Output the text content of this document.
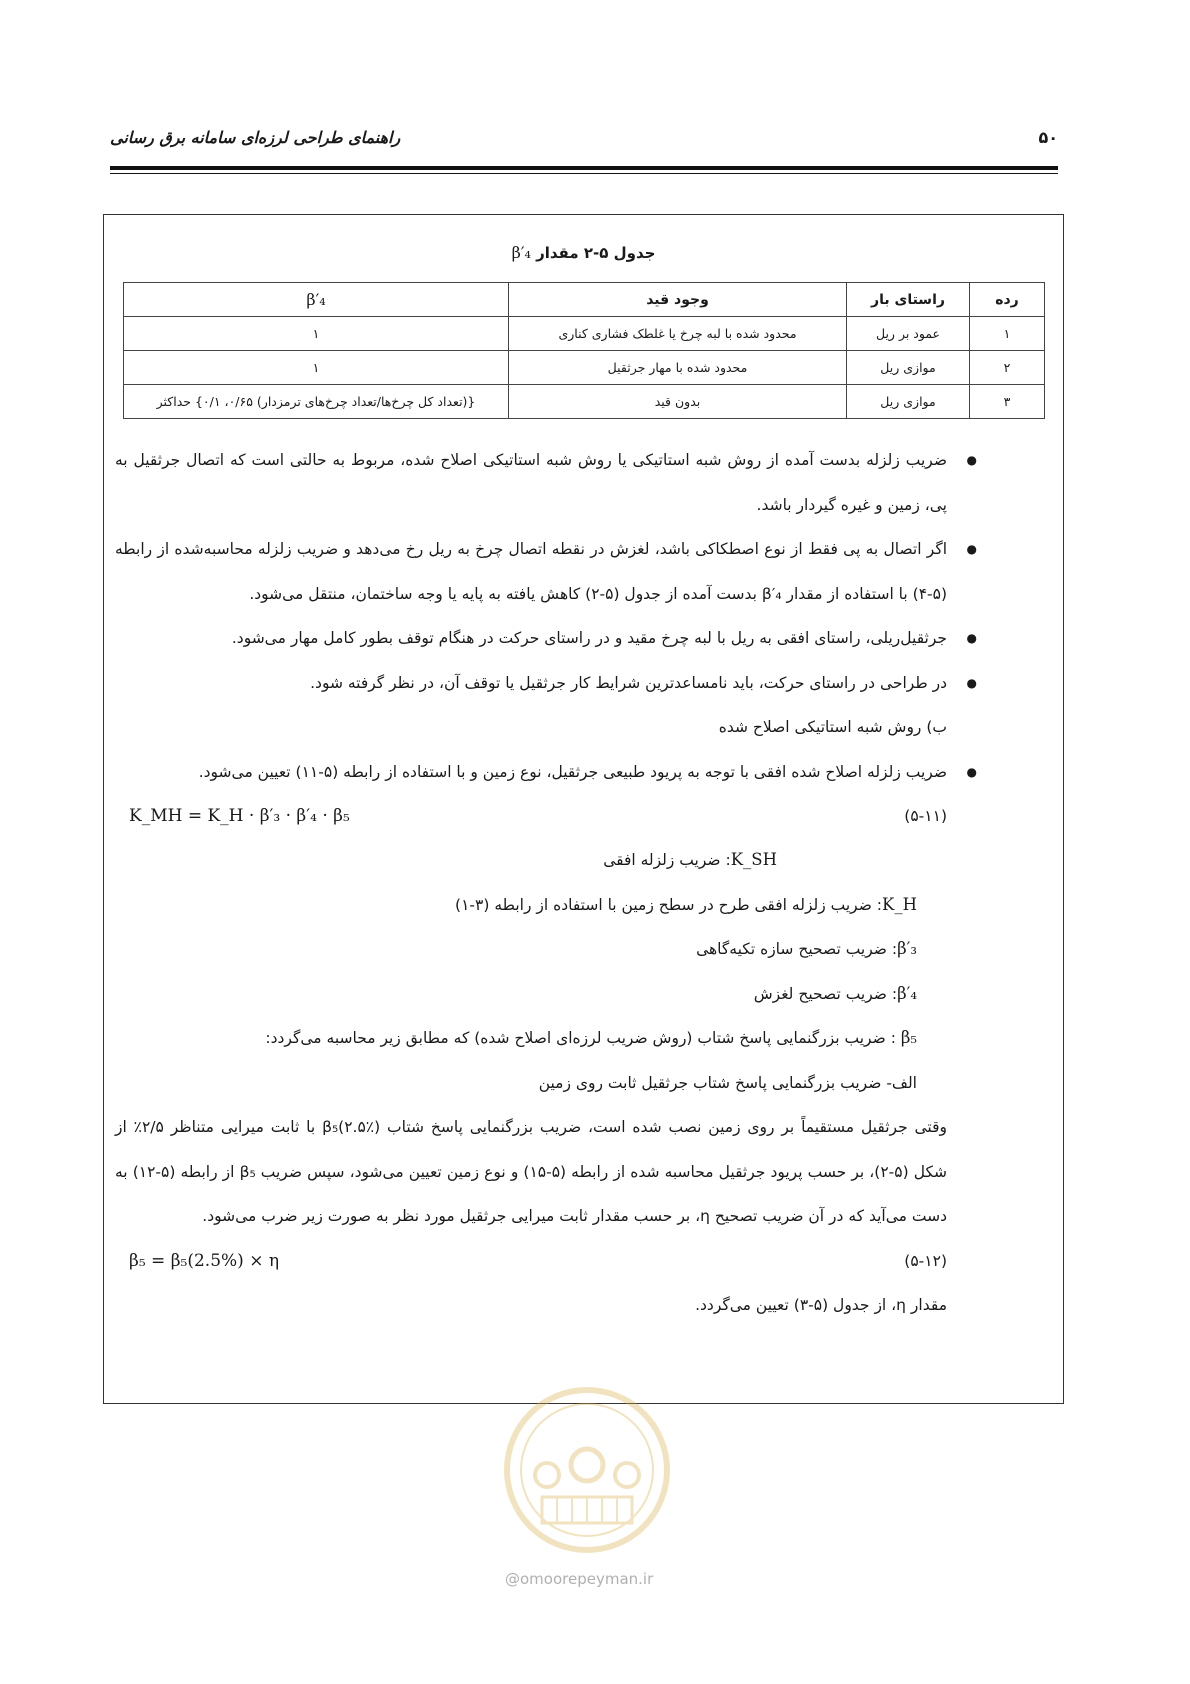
راهنمای طراحی لرزه‌ای سامانه برق رسانی	۵۰
جدول ۵-۲ مقدار β′₄
رده	راستای بار	وجود قید	β′₄
۱	عمود بر ریل	محدود شده با لبه چرخ یا غلطک فشاری کناری	۱
۲	موازی ریل	محدود شده با مهار جرثقیل	۱
۳	موازی ریل	بدون قید	{(تعداد کل چرخ‌ها/تعداد چرخ‌های ترمزدار) ۰/۶۵، ۰/۱} حداکثر
●
ضریب زلزله بدست آمده از روش شبه استاتیکی یا روش شبه استاتیکی اصلاح شده، مربوط به حالتی است که اتصال جرثقیل به پی، زمین و غیره گیردار باشد.
●
اگر اتصال به پی فقط از نوع اصطکاکی باشد، لغزش در نقطه اتصال چرخ به ریل رخ می‌دهد و ضریب زلزله محاسبه‌شده از رابطه (۵-۴) با استفاده از مقدار β′₄ بدست آمده از جدول (۵-۲) کاهش یافته به پایه یا وجه ساختمان، منتقل می‌شود.
●
جرثقیل‌ریلی، راستای افقی به ریل با لبه چرخ مقید و در راستای حرکت در هنگام توقف بطور کامل مهار می‌شود.
●
در طراحی در راستای حرکت، باید نامساعدترین شرایط کار جرثقیل یا توقف آن، در نظر گرفته شود.

ب) روش شبه استاتیکی اصلاح شده

●
ضریب زلزله اصلاح شده افقی با توجه به پریود طبیعی جرثقیل، نوع زمین و با استفاده از رابطه (۵-۱۱) تعیین می‌شود.
K_MH = K_H · β′₃ · β′₄ · β₅	(۵-۱۱)

K_SH: ضریب زلزله افقی

K_H: ضریب زلزله افقی طرح در سطح زمین با استفاده از رابطه (۳-۱)

β′₃: ضریب تصحیح سازه تکیه‌گاهی

β′₄: ضریب تصحیح لغزش

β₅ : ضریب بزرگنمایی پاسخ شتاب (روش ضریب لرزه‌ای اصلاح شده) که مطابق زیر محاسبه می‌گردد:

الف- ضریب بزرگنمایی پاسخ شتاب جرثقیل ثابت روی زمین

وقتی جرثقیل مستقیماً بر روی زمین نصب شده است، ضریب بزرگنمایی پاسخ شتاب β₅(۲.۵٪) با ثابت میرایی متناظر ۲/۵٪ از شکل (۵-۲)، بر حسب پریود جرثقیل محاسبه شده از رابطه (۵-۱۵) و نوع زمین تعیین می‌شود، سپس ضریب β₅ از رابطه (۵-۱۲) به دست می‌آید که در آن ضریب تصحیح η، بر حسب مقدار ثابت میرایی جرثقیل مورد نظر به صورت زیر ضرب می‌شود.

β₅ = β₅(2.5%) × η	(۵-۱۲)

مقدار η، از جدول (۵-۳) تعیین می‌گردد.

@omoorepeyman.ir
